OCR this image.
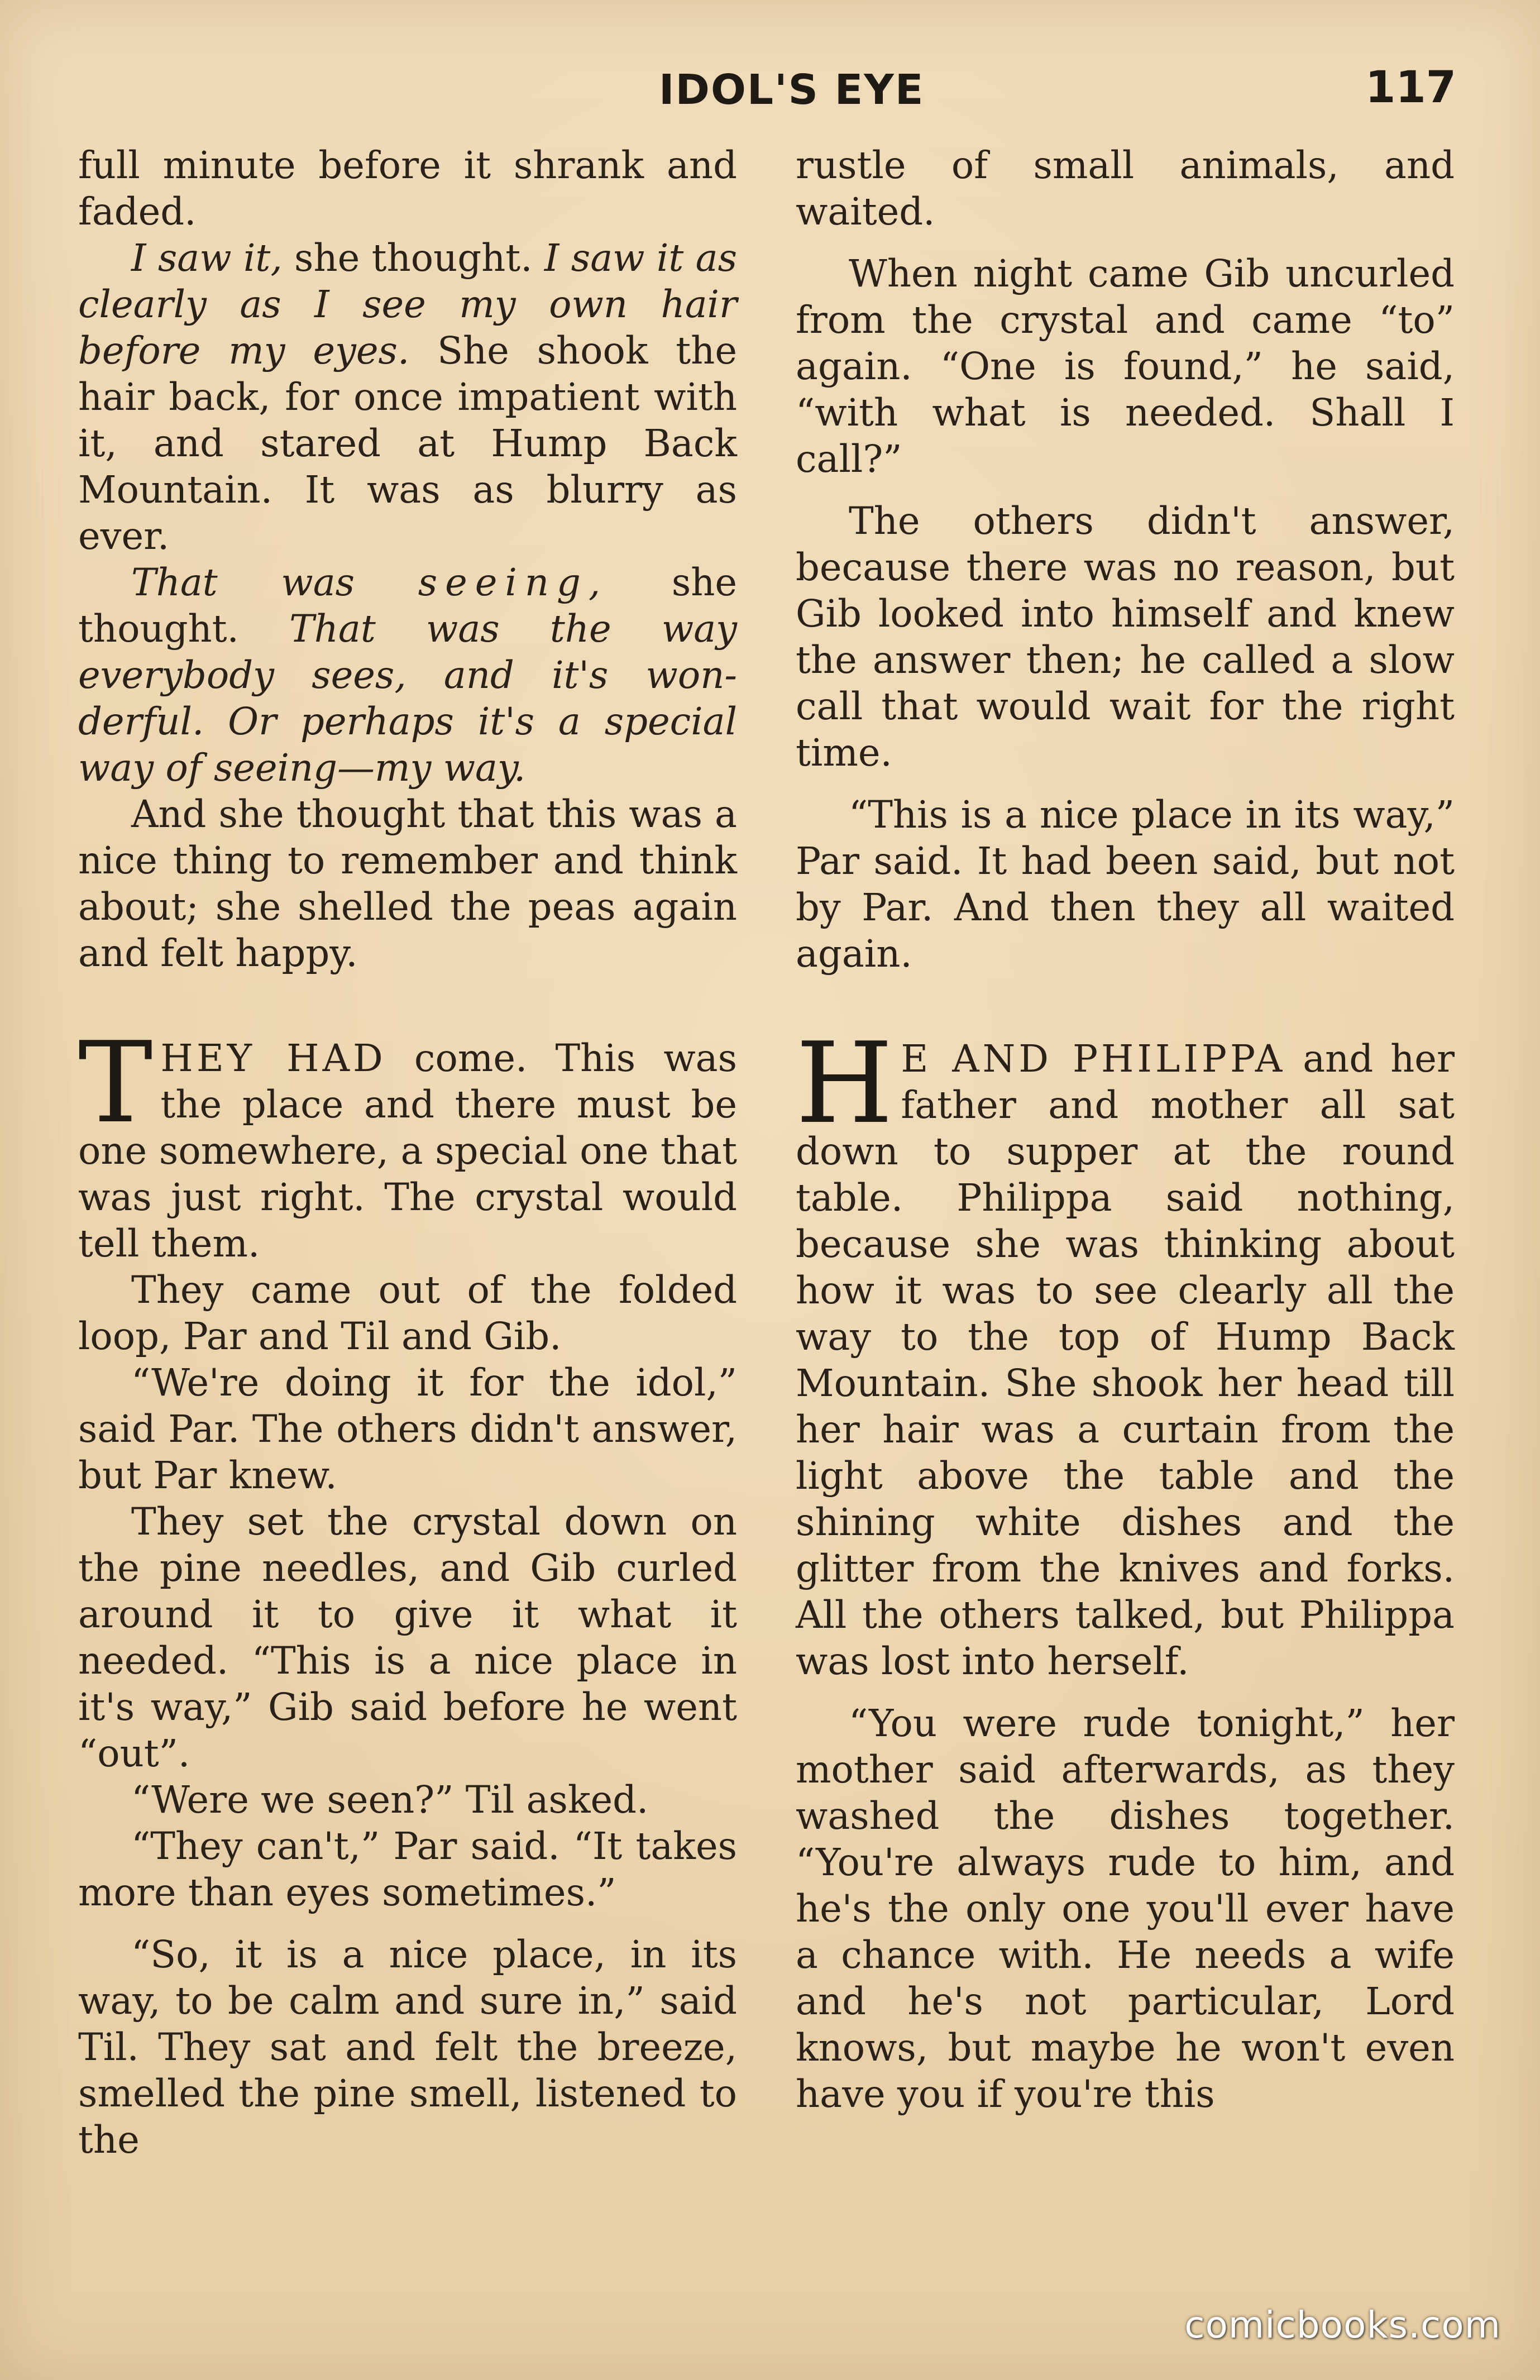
IDOL'S EYE	117

full minute before it shrank and faded.

I saw it, she thought. I saw it as clearly as I see my own hair before my eyes. She shook the hair back, for once impatient with it, and stared at Hump Back Mountain. It was as blurry as ever.

That was seeing, she thought. That was the way everybody sees, and it's wonderful. Or perhaps it's a special way of seeing—my way.

And she thought that this was a nice thing to remember and think about; she shelled the peas again and felt happy.

THEY HAD come. This was the place and there must be one somewhere, a special one that was just right. The crystal would tell them.

They came out of the folded loop, Par and Til and Gib.

“We're doing it for the idol,” said Par. The others didn't answer, but Par knew.

They set the crystal down on the pine needles, and Gib curled around it to give it what it needed. “This is a nice place in it's way,” Gib said before he went “out”.

“Were we seen?” Til asked.

“They can't,” Par said. “It takes more than eyes sometimes.”

“So, it is a nice place, in its way, to be calm and sure in,” said Til. They sat and felt the breeze, smelled the pine smell, listened to the

rustle of small animals, and waited.

When night came Gib uncurled from the crystal and came “to” again. “One is found,” he said, “with what is needed. Shall I call?”

The others didn't answer, because there was no reason, but Gib looked into himself and knew the answer then; he called a slow call that would wait for the right time.

“This is a nice place in its way,” Par said. It had been said, but not by Par. And then they all waited again.

H E AND PHILIPPA and her father and mother all sat down to supper at the round table. Philippa said nothing, because she was thinking about how it was to see clearly all the way to the top of Hump Back Mountain. She shook her head till her hair was a curtain from the light above the table and the shining white dishes and the glitter from the knives and forks. All the others talked, but Philippa was lost into herself.

“You were rude tonight,” her mother said afterwards, as they washed the dishes together. “You're always rude to him, and he's the only one you'll ever have a chance with. He needs a wife and he's not particular, Lord knows, but maybe he won't even have you if you're this

comicbooks.com
